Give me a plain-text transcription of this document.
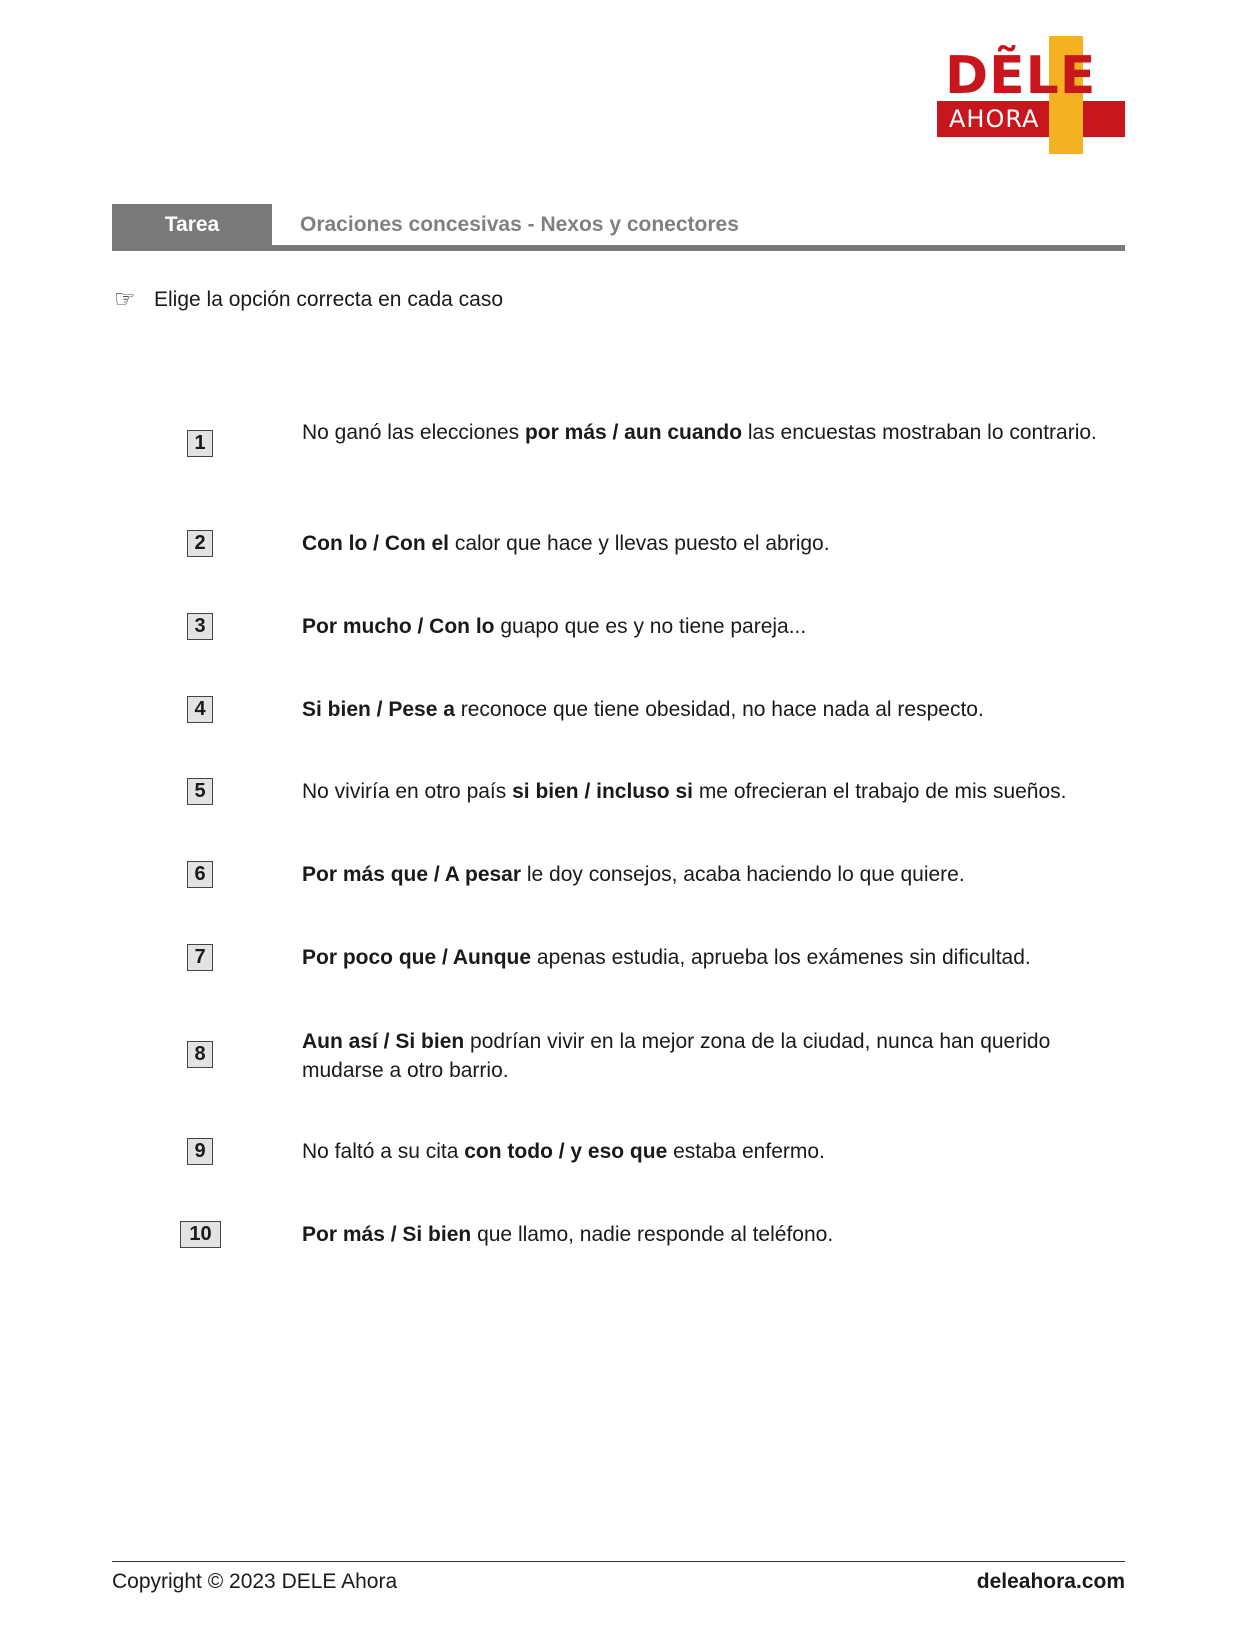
DẼLE
AHORA
Tarea	Oraciones concesivas - Nexos y conectores
☞ Elige la opción correcta en cada caso
1	No ganó las elecciones por más / aun cuando las encuestas mostraban lo contrario.
2	Con lo / Con el calor que hace y llevas puesto el abrigo.
3	Por mucho / Con lo guapo que es y no tiene pareja...
4	Si bien / Pese a reconoce que tiene obesidad, no hace nada al respecto.
5	No viviría en otro país si bien / incluso si me ofrecieran el trabajo de mis sueños.
6	Por más que / A pesar le doy consejos, acaba haciendo lo que quiere.
7	Por poco que / Aunque apenas estudia, aprueba los exámenes sin dificultad.
8
Aun así / Si bien podrían vivir en la mejor zona de la ciudad, nunca han querido mudarse a otro barrio.
9	No faltó a su cita con todo / y eso que estaba enfermo.
10	Por más / Si bien que llamo, nadie responde al teléfono.
Copyright © 2023 DELE Ahora	deleahora.com
